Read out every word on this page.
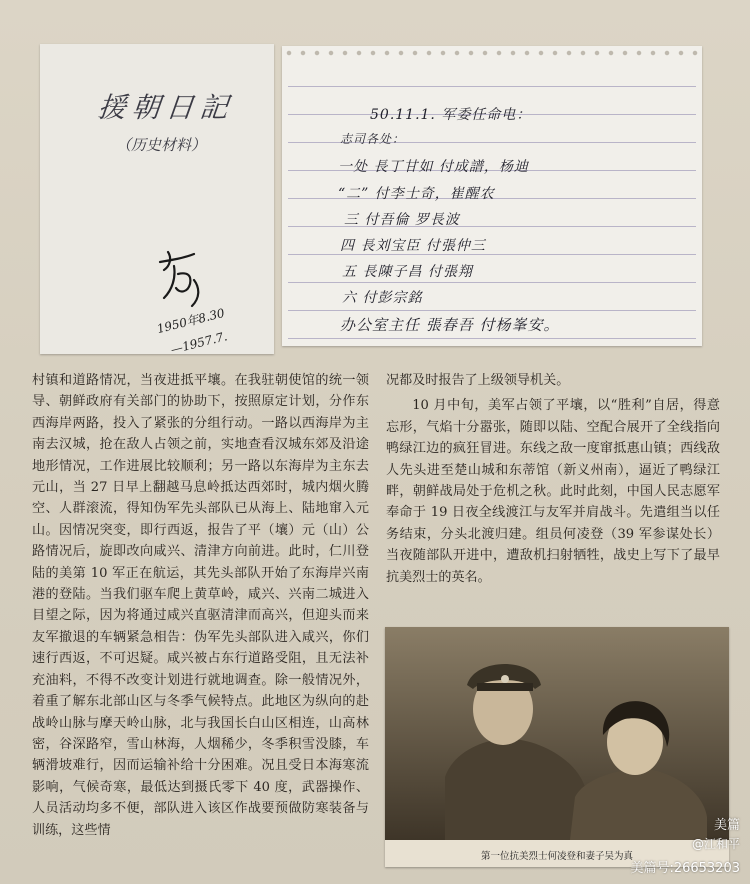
援朝日記
（历史材料）
1950年8.30
—1957.7.
50.11.1. 军委任命电：
志司各处：
一处 長丁甘如 付成譜，杨迪
“二” 付李士奇，崔醒农
三 付吾倫 罗長波
四 長刘宝臣 付張仲三
五 長陳子昌 付張翔
六 付彭宗銘
办公室主任 張春吾 付杨峯安。

村镇和道路情况，当夜进抵平壤。在我驻朝使馆的统一领导、朝鲜政府有关部门的协助下，按照原定计划，分作东西海岸两路，投入了紧张的分组行动。一路以西海岸为主南去汉城，抢在敌人占领之前，实地查看汉城东郊及沿途地形情况，工作进展比较顺利；另一路以东海岸为主东去元山，当 27 日早上翻越马息岭抵达西郊时，城内烟火腾空、人群滚流，得知伪军先头部队已从海上、陆地窜入元山。因情况突变，即行西返，报告了平（壤）元（山）公路情况后，旋即改向咸兴、清津方向前进。此时，仁川登陆的美第 10 军正在航运，其先头部队开始了东海岸兴南港的登陆。当我们驱车爬上黄草岭，咸兴、兴南二城进入目望之际，因为将通过咸兴直驱清津而高兴，但迎头而来友军撤退的车辆紧急相告：伪军先头部队进入咸兴，你们速行西返，不可迟疑。咸兴被占东行道路受阻，且无法补充油料，不得不改变计划进行就地调查。除一般情况外，着重了解东北部山区与冬季气候特点。此地区为纵向的赴战岭山脉与摩天岭山脉，北与我国长白山区相连，山高林密，谷深路窄，雪山林海，人烟稀少，冬季积雪没膝，车辆滑坡难行，因而运输补给十分困难。况且受日本海寒流影响，气候奇寒，最低达到摄氏零下 40 度，武器操作、人员活动均多不便，部队进入该区作战要预做防寒装备与训练，这些情

况都及时报告了上级领导机关。

10 月中旬，美军占领了平壤，以“胜利”自居，得意忘形，气焰十分嚣张，随即以陆、空配合展开了全线指向鸭绿江边的疯狂冒进。东线之敌一度窜抵惠山镇；西线敌人先头进至楚山城和东蒂馆（新义州南），逼近了鸭绿江畔，朝鲜战局处于危机之秋。此时此刻，中国人民志愿军奉命于 19 日夜全线渡江与友军并肩战斗。先遣组当以任务结束，分头北渡归建。组员何凌登（39 军参谋处长）当夜随部队开进中，遭敌机扫射牺牲，战史上写下了最早抗美烈士的英名。

第一位抗美烈士何凌登和妻子吴为真
美篇
@江和平
美篇号:26653203
